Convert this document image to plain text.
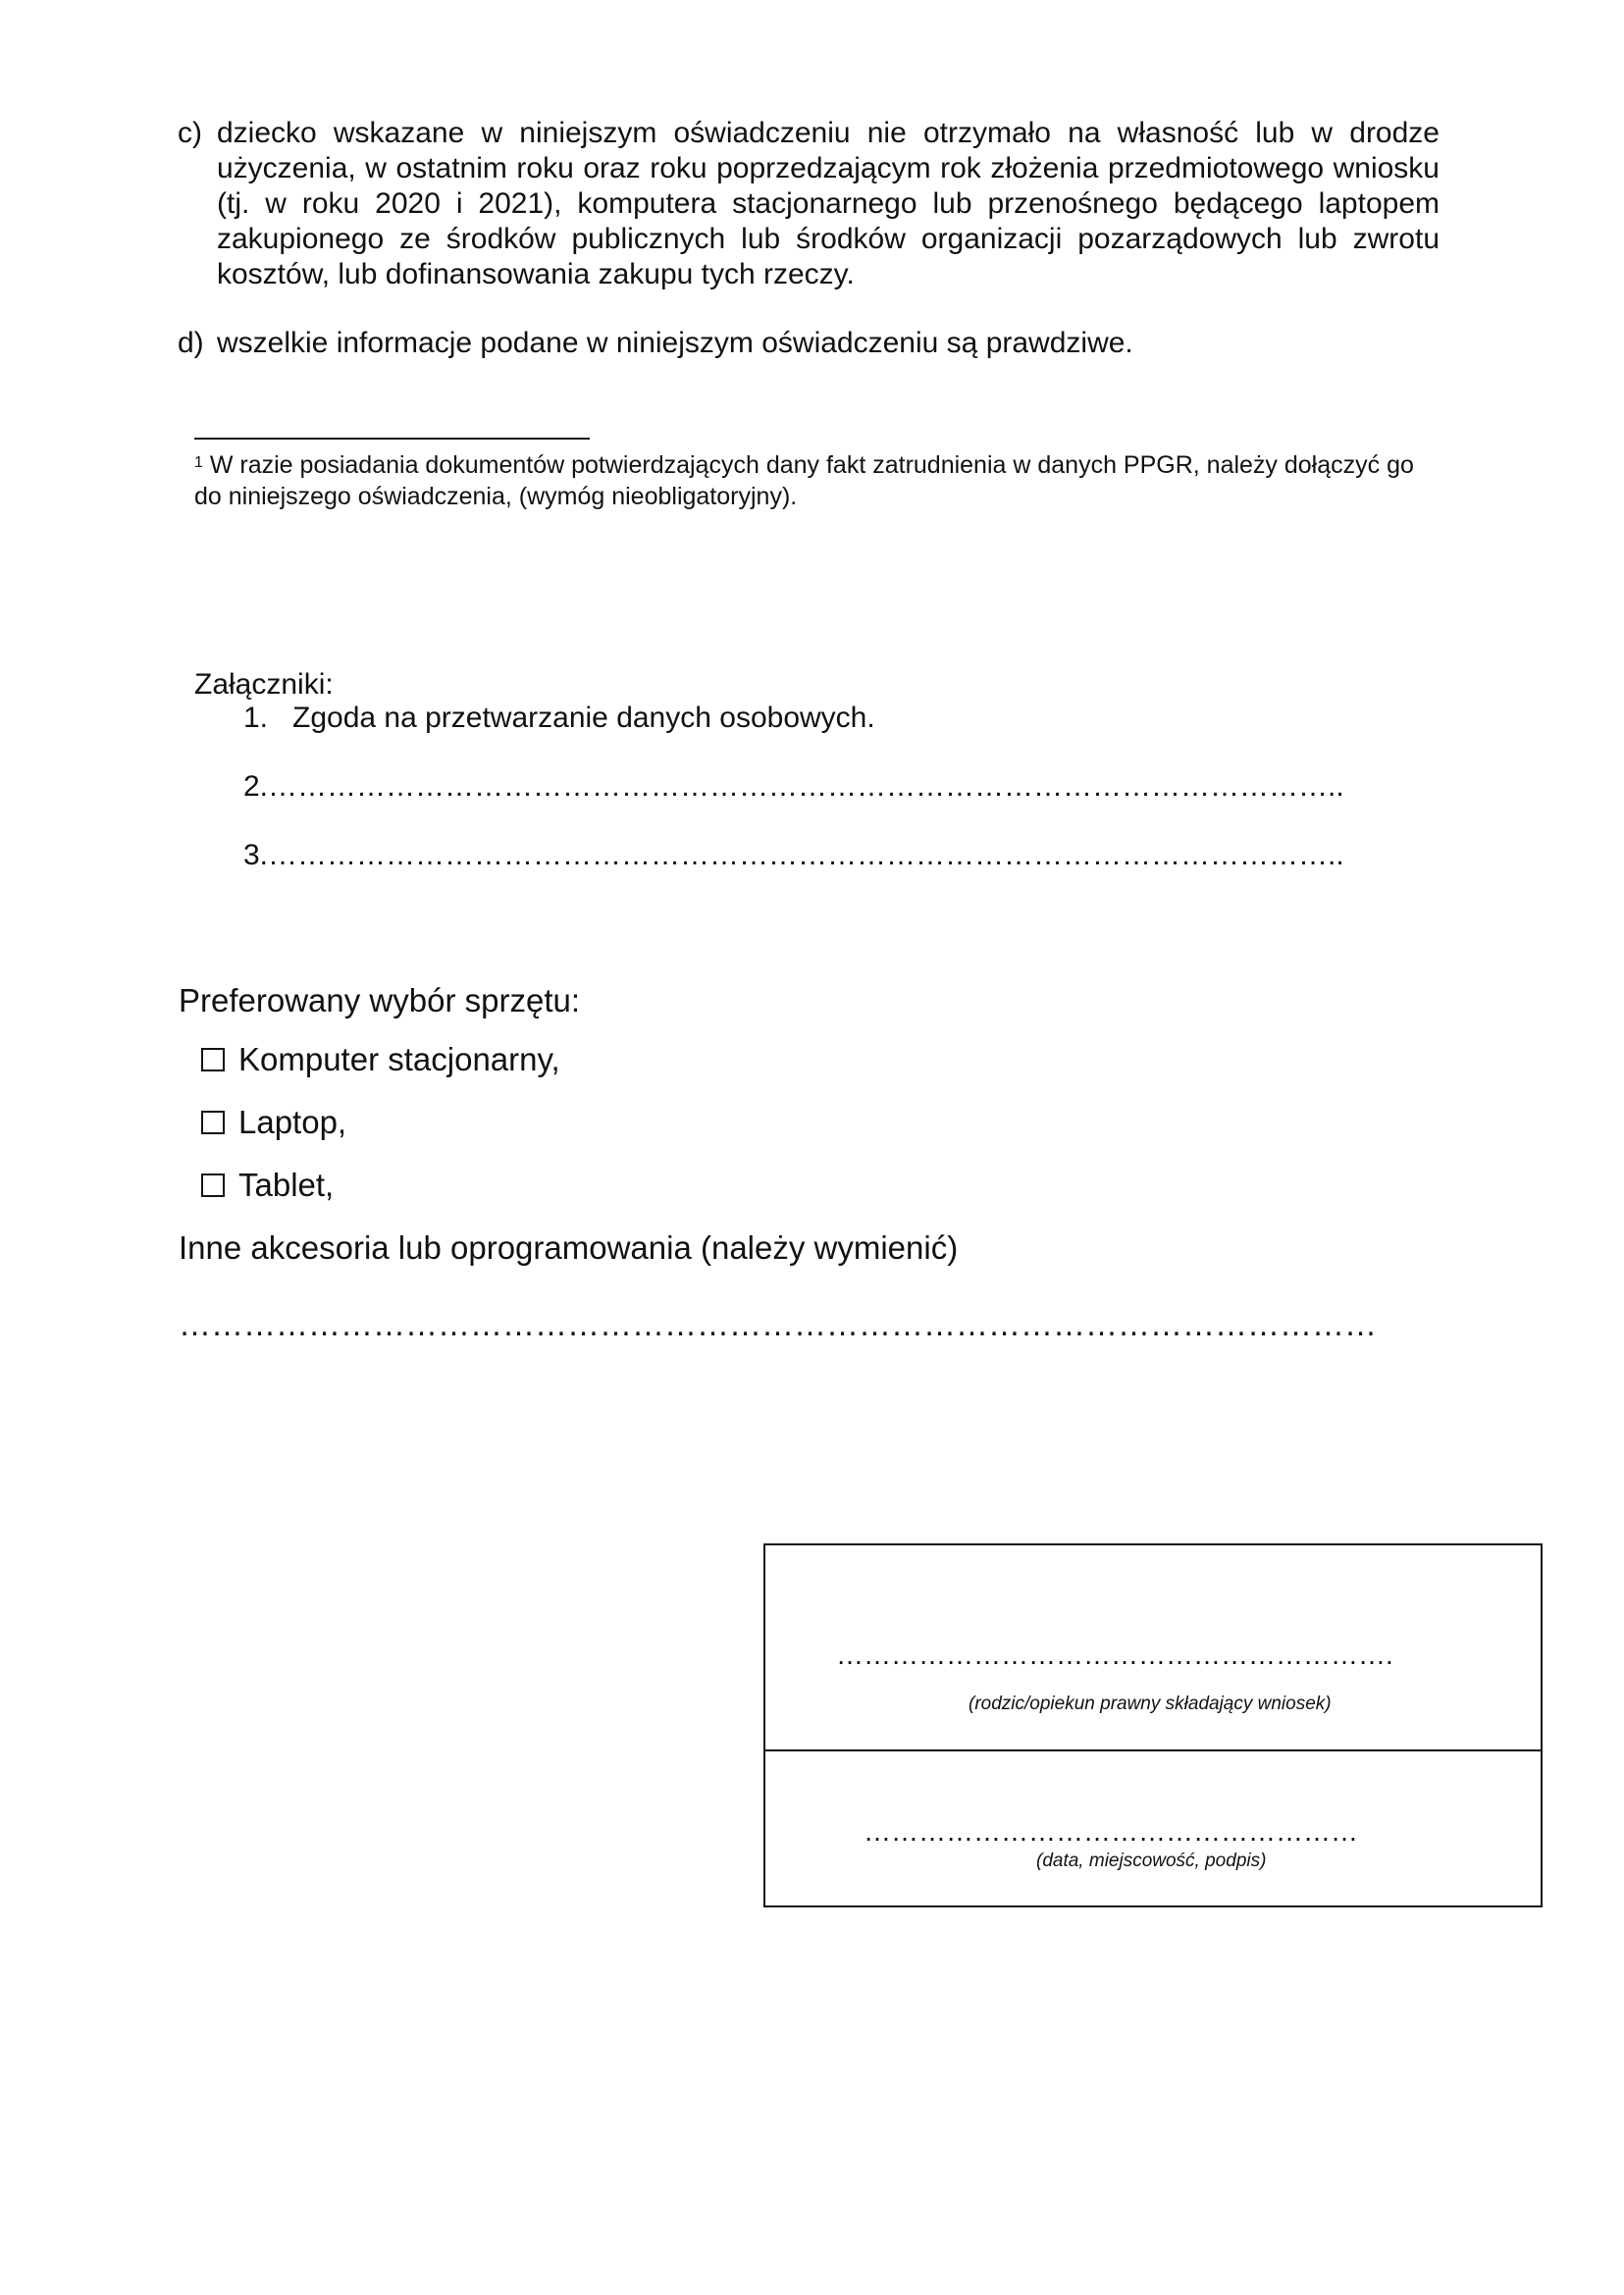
c) dziecko wskazane w niniejszym oświadczeniu nie otrzymało na własność lub w drodze użyczenia, w ostatnim roku oraz roku poprzedzającym rok złożenia przedmiotowego wniosku (tj. w roku 2020 i 2021), komputera stacjonarnego lub przenośnego będącego laptopem zakupionego ze środków publicznych lub środków organizacji pozarządowych lub zwrotu kosztów, lub dofinansowania zakupu tych rzeczy.
d) wszelkie informacje podane w niniejszym oświadczeniu są prawdziwe.
$^1$ W razie posiadania dokumentów potwierdzających dany fakt zatrudnienia w danych PPGR, należy dołączyć go do niniejszego oświadczenia, (wymóg nieobligatoryjny).
Załączniki:
1. Zgoda na przetwarzanie danych osobowych.
2.………………………………………………………………………………………………..
3.………………………………………………………………………………………………..
Preferowany wybór sprzętu:
Komputer stacjonarny,
Laptop,
Tablet,
Inne akcesoria lub oprogramowania (należy wymienić)
…………………………………………………………………………………………………
…………………………………………………….
(rodzic/opiekun prawny składający wniosek)
………………………………………………
(data, miejscowość, podpis)
